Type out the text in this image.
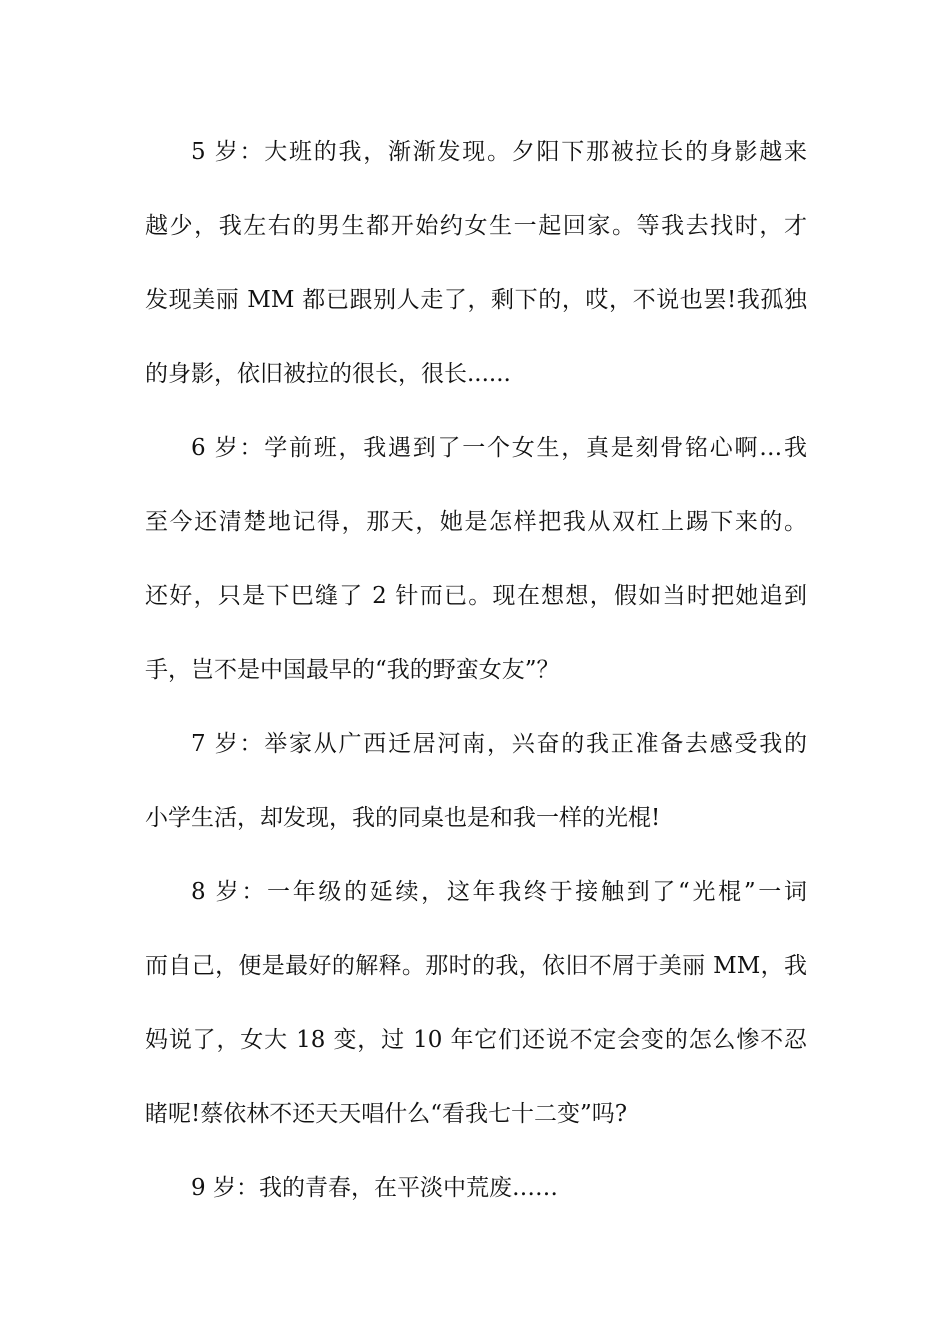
5 岁：大班的我，渐渐发现。夕阳下那被拉长的身影越来
越少，我左右的男生都开始约女生一起回家。等我去找时，才
发现美丽 MM 都已跟别人走了，剩下的，哎，不说也罢!我孤独
的身影，依旧被拉的很长，很长......
6 岁：学前班，我遇到了一个女生，真是刻骨铭心啊…我
至今还清楚地记得，那天，她是怎样把我从双杠上踢下来的。
还好，只是下巴缝了 2 针而已。现在想想，假如当时把她追到
手，岂不是中国最早的“我的野蛮女友”？
7 岁：举家从广西迁居河南，兴奋的我正准备去感受我的
小学生活，却发现，我的同桌也是和我一样的光棍!
8 岁：一年级的延续，这年我终于接触到了“光棍”一词
而自己，便是最好的解释。那时的我，依旧不屑于美丽 MM，我
妈说了，女大 18 变，过 10 年它们还说不定会变的怎么惨不忍
睹呢!蔡依林不还天天唱什么“看我七十二变”吗?
9 岁：我的青春，在平淡中荒废……
